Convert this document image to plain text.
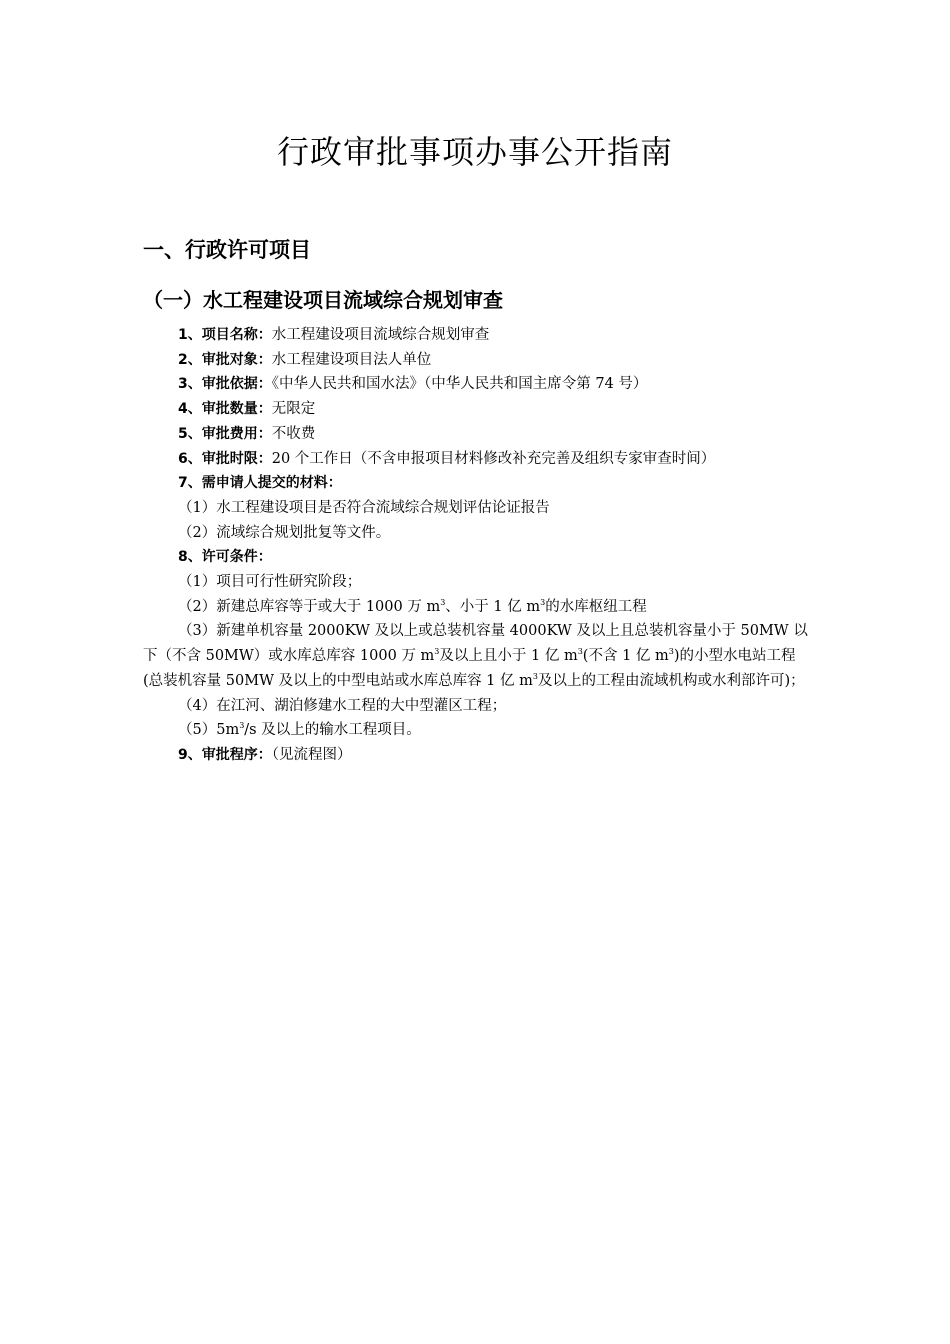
行政审批事项办事公开指南
一、行政许可项目
（一）水工程建设项目流域综合规划审查
1、项目名称：水工程建设项目流域综合规划审查
2、审批对象：水工程建设项目法人单位
3、审批依据：《中华人民共和国水法》（中华人民共和国主席令第 74 号）
4、审批数量：无限定
5、审批费用：不收费
6、审批时限：20 个工作日（不含申报项目材料修改补充完善及组织专家审查时间）
7、需申请人提交的材料：
（1）水工程建设项目是否符合流域综合规划评估论证报告
（2）流域综合规划批复等文件。
8、许可条件：
（1）项目可行性研究阶段；
（2）新建总库容等于或大于 1000 万 $m^3$、小于 1 亿 $m^3$的水库枢纽工程
（3）新建单机容量 2000KW 及以上或总装机容量 4000KW 及以上且总装机容量小于 50MW 以下（不含 50MW）或水库总库容 1000 万 $m^3$及以上且小于 1 亿 $m^3$(不含 1 亿 $m^3$)的小型水电站工程(总装机容量 50MW 及以上的中型电站或水库总库容 1 亿 $m^3$及以上的工程由流域机构或水利部许可)；
（4）在江河、湖泊修建水工程的大中型灌区工程；
$(5)5m^3/s$ 及以上的输水工程项目。
9、审批程序：（见流程图）
